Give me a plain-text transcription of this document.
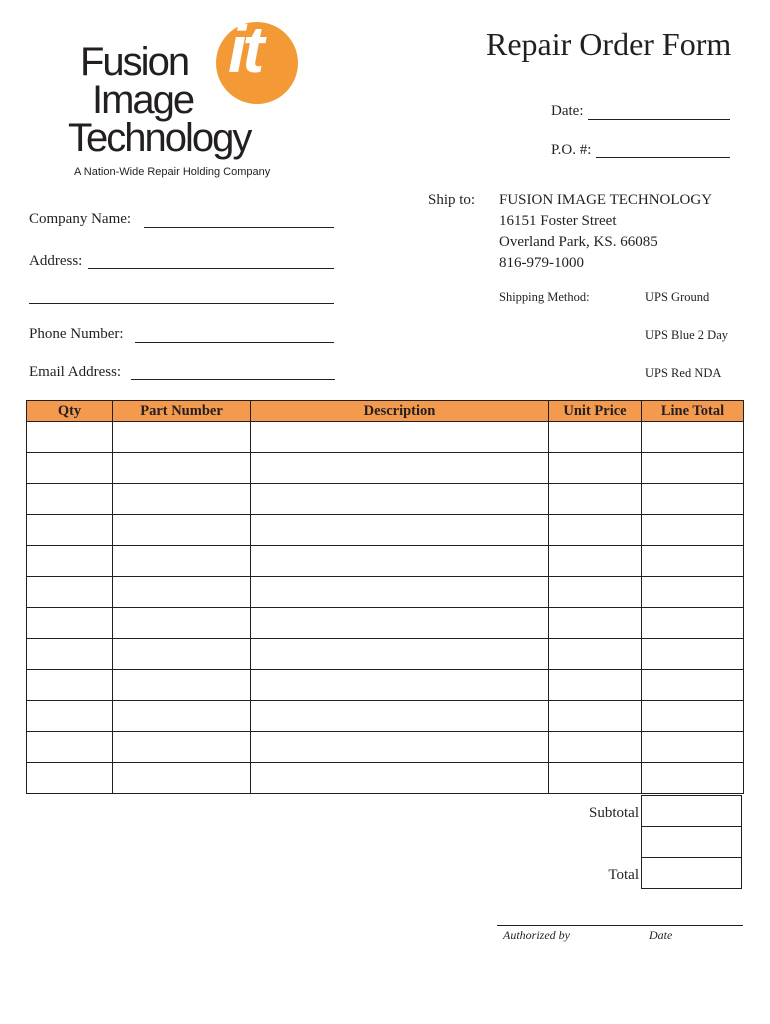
it
Fusion
Image
Technology
A Nation-Wide Repair Holding Company
Repair Order Form
Date:
P.O. #:
Company Name:
Address:
Phone Number:
Email Address:
Ship to: FUSION IMAGE TECHNOLOGY
16151 Foster Street
Overland Park, KS. 66085
816-979-1000
Shipping Method:	UPS Ground
UPS Blue 2 Day
UPS Red NDA
Qty	Part Number	Description	Unit Price	Line Total

Subtotal
Total
Authorized by	Date
